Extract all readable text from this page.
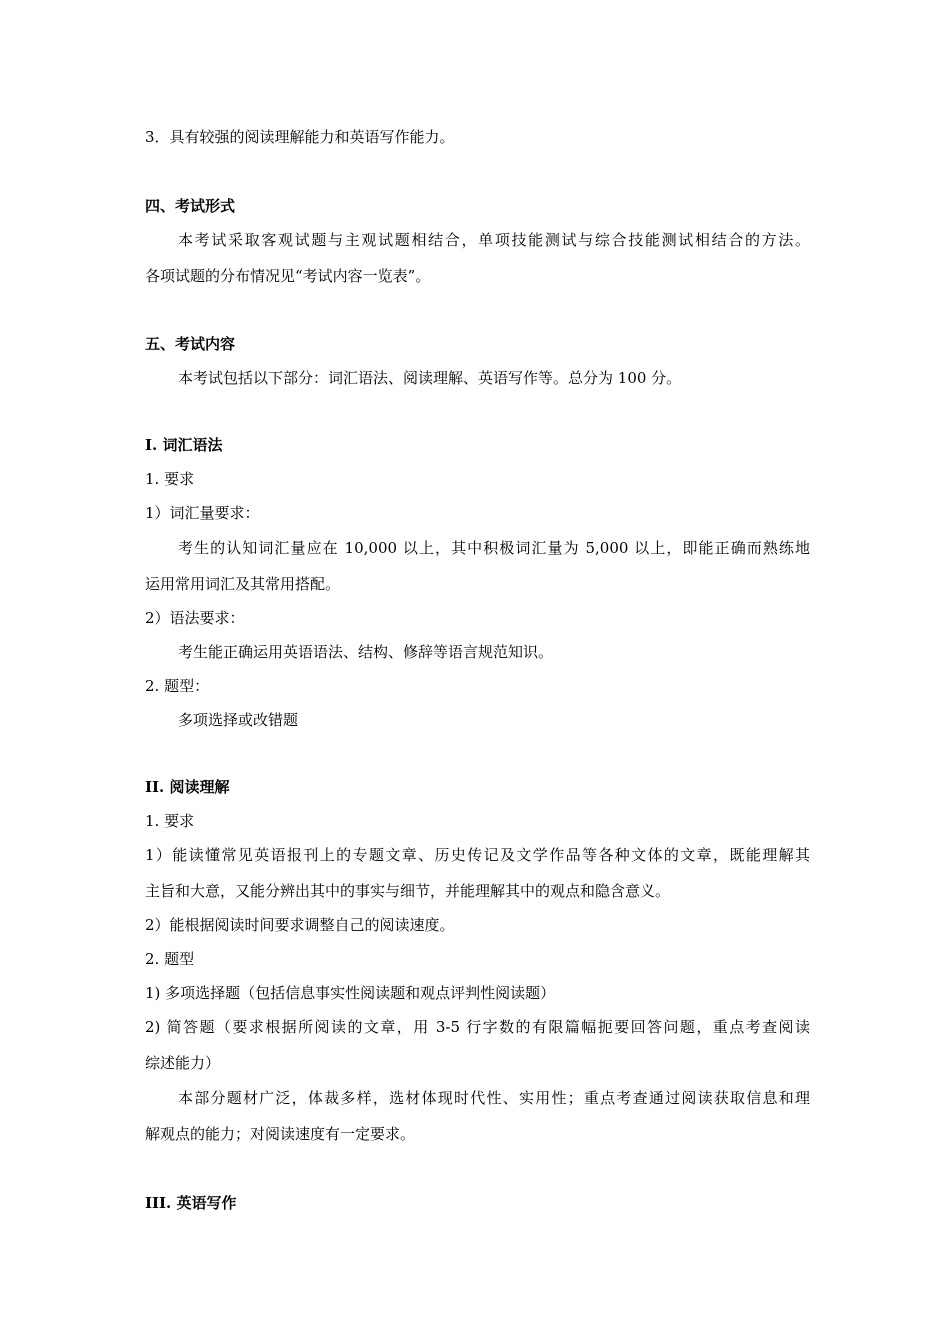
3．具有较强的阅读理解能力和英语写作能力。
四、考试形式
本考试采取客观试题与主观试题相结合，单项技能测试与综合技能测试相结合的方法。
各项试题的分布情况见“考试内容一览表”。
五、考试内容
本考试包括以下部分：词汇语法、阅读理解、英语写作等。总分为 100 分。
I. 词汇语法
1. 要求
1）词汇量要求：
考生的认知词汇量应在 10,000 以上，其中积极词汇量为 5,000 以上，即能正确而熟练地
运用常用词汇及其常用搭配。
2）语法要求：
考生能正确运用英语语法、结构、修辞等语言规范知识。
2. 题型：
多项选择或改错题
II. 阅读理解
1. 要求
1）能读懂常见英语报刊上的专题文章、历史传记及文学作品等各种文体的文章，既能理解其
主旨和大意，又能分辨出其中的事实与细节，并能理解其中的观点和隐含意义。
2）能根据阅读时间要求调整自己的阅读速度。
2. 题型
1) 多项选择题（包括信息事实性阅读题和观点评判性阅读题）
2) 简答题（要求根据所阅读的文章，用 3-5 行字数的有限篇幅扼要回答问题，重点考查阅读
综述能力）
本部分题材广泛，体裁多样，选材体现时代性、实用性；重点考查通过阅读获取信息和理
解观点的能力；对阅读速度有一定要求。
III. 英语写作
